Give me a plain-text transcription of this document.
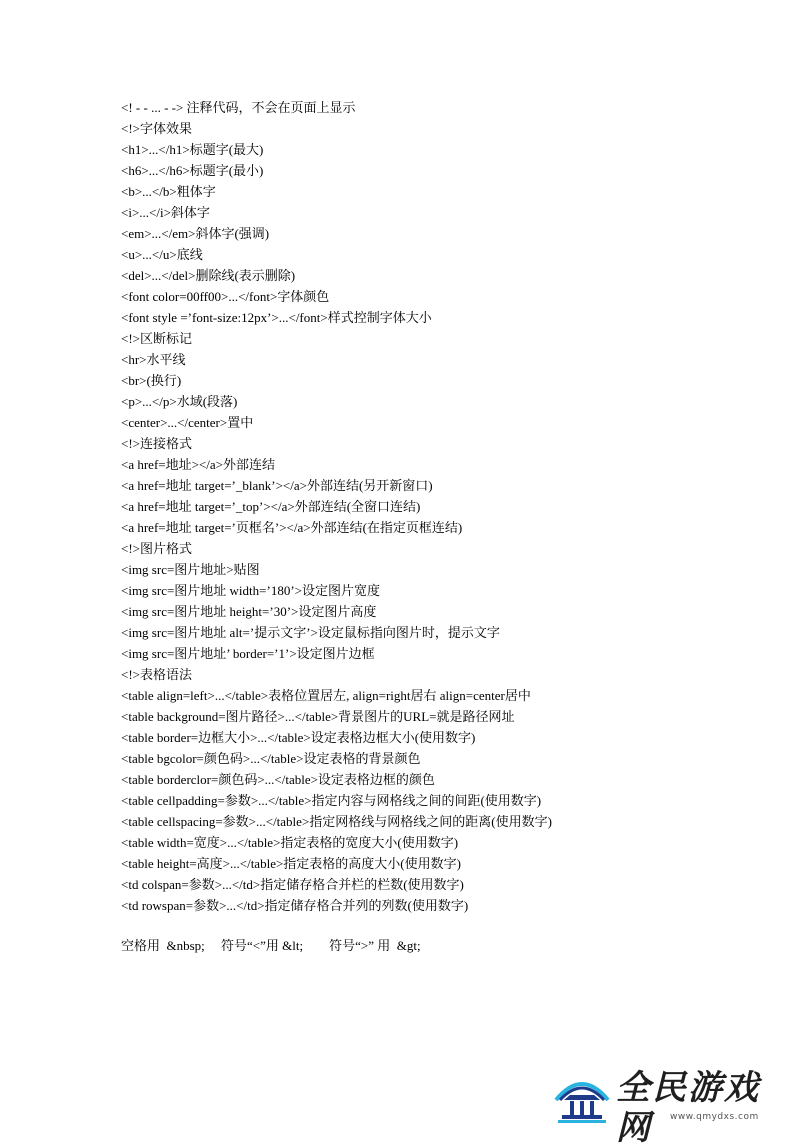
<! - - ... - -> 注释代码，不会在页面上显示
<!>字体效果
<h1>...</h1>标题字(最大)
<h6>...</h6>标题字(最小)
<b>...</b>粗体字
<i>...</i>斜体字
<em>...</em>斜体字(强调)
<u>...</u>底线
<del>...</del>删除线(表示删除)
<font color=00ff00>...</font>字体颜色
<font style =’font-size:12px’>...</font>样式控制字体大小
<!>区断标记
<hr>水平线
<br>(换行)
<p>...</p>水域(段落)
<center>...</center>置中
<!>连接格式
<a href=地址></a>外部连结
<a href=地址 target=’_blank’></a>外部连结(另开新窗口)
<a href=地址 target=’_top’></a>外部连结(全窗口连结)
<a href=地址 target=’页框名’></a>外部连结(在指定页框连结)
<!>图片格式
<img src=图片地址>贴图
<img src=图片地址 width=’180’>设定图片宽度
<img src=图片地址 height=’30’>设定图片高度
<img src=图片地址 alt=’提示文字’>设定鼠标指向图片时，提示文字
<img src=图片地址’ border=’1’>设定图片边框
<!>表格语法
<table align=left>...</table>表格位置居左, align=right居右 align=center居中
<table background=图片路径>...</table>背景图片的URL=就是路径网址
<table border=边框大小>...</table>设定表格边框大小(使用数字)
<table bgcolor=颜色码>...</table>设定表格的背景颜色
<table borderclor=颜色码>...</table>设定表格边框的颜色
<table cellpadding=参数>...</table>指定内容与网格线之间的间距(使用数字)
<table cellspacing=参数>...</table>指定网格线与网格线之间的距离(使用数字)
<table width=宽度>...</table>指定表格的宽度大小(使用数字)
<table height=高度>...</table>指定表格的高度大小(使用数字)
<td colspan=参数>...</td>指定储存格合并栏的栏数(使用数字)
<td rowspan=参数>...</td>指定储存格合并列的列数(使用数字)
空格用  &nbsp;     符号“<”用 &lt;        符号“>” 用  &gt;
全民游戏网	www.qmydxs.com
